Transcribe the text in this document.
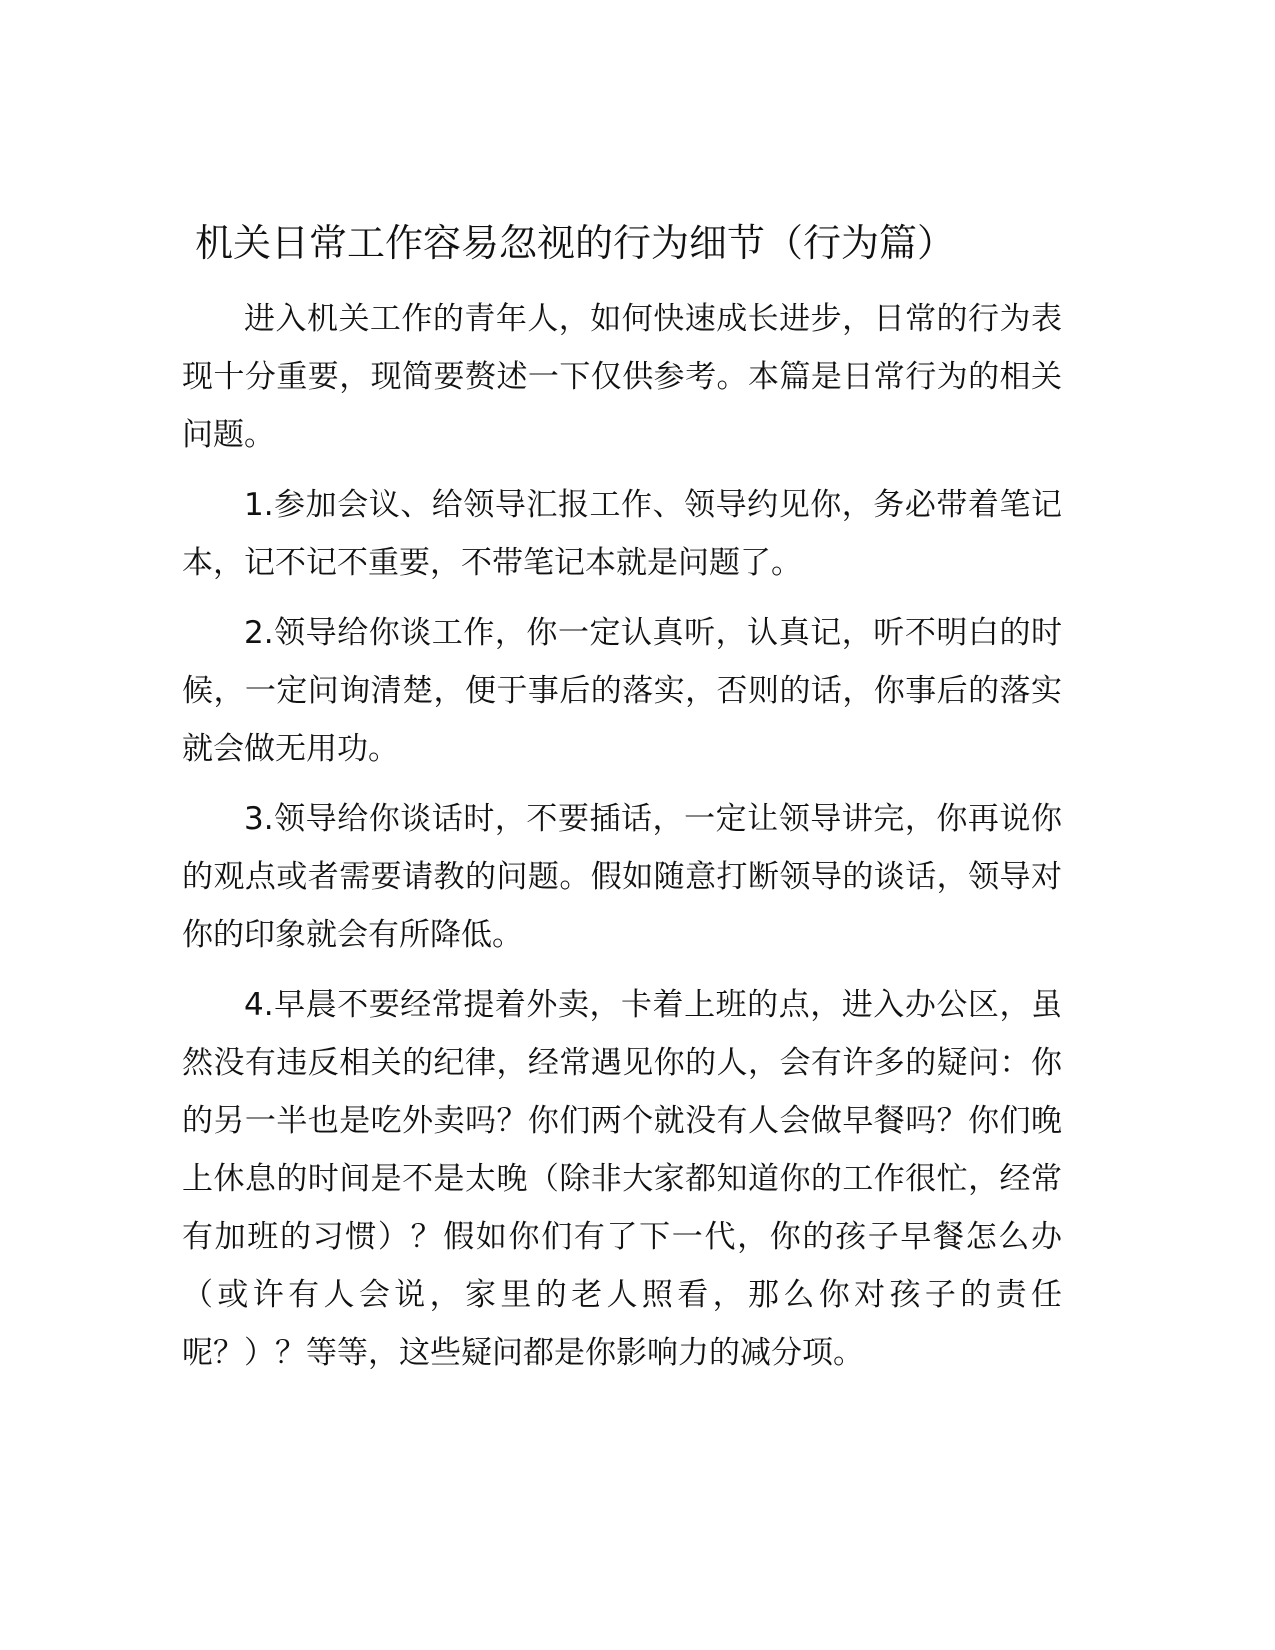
机关日常工作容易忽视的行为细节（行为篇）

进入机关工作的青年人，如何快速成长进步，日常的行为表现十分重要，现简要赘述一下仅供参考。本篇是日常行为的相关问题。

1.参加会议、给领导汇报工作、领导约见你，务必带着笔记本，记不记不重要，不带笔记本就是问题了。

2.领导给你谈工作，你一定认真听，认真记，听不明白的时候，一定问询清楚，便于事后的落实，否则的话，你事后的落实就会做无用功。

3.领导给你谈话时，不要插话，一定让领导讲完，你再说你的观点或者需要请教的问题。假如随意打断领导的谈话，领导对你的印象就会有所降低。

4.早晨不要经常提着外卖，卡着上班的点，进入办公区，虽然没有违反相关的纪律，经常遇见你的人，会有许多的疑问：你的另一半也是吃外卖吗？你们两个就没有人会做早餐吗？你们晚上休息的时间是不是太晚（除非大家都知道你的工作很忙，经常有加班的习惯）？假如你们有了下一代，你的孩子早餐怎么办（或许有人会说，家里的老人照看，那么你对孩子的责任呢？）？等等，这些疑问都是你影响力的减分项。
